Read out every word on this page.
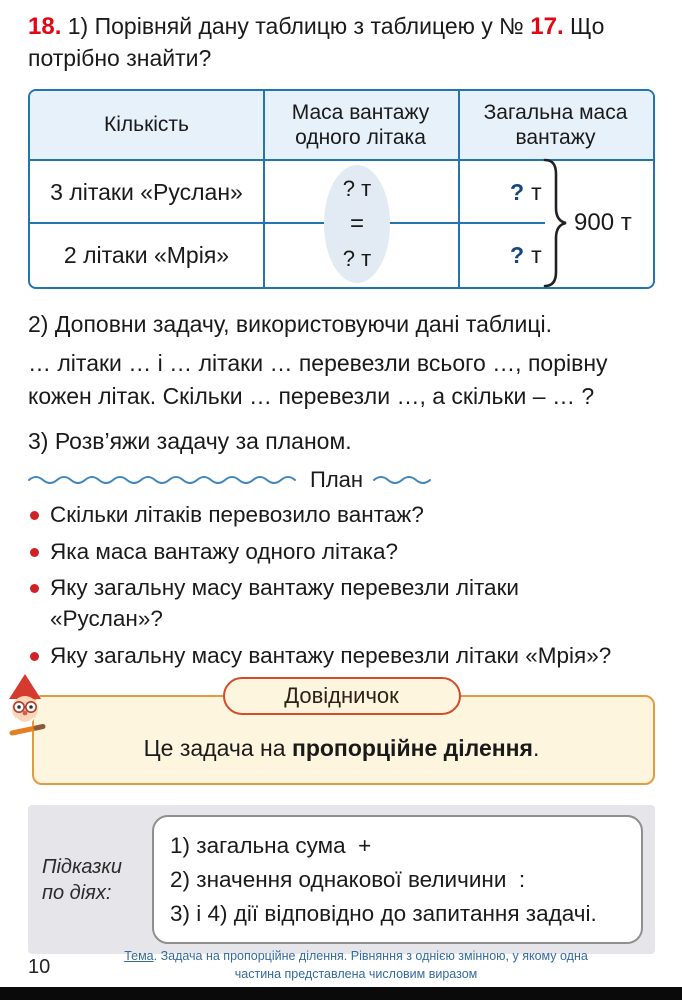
18. 1) Порівняй дану таблицю з таблицею у № 17. Що потрібно знайти?

Кількість
Маса вантажу одного літака
Загальна маса вантажу
3 літаки «Руслан»	? т
2 літаки «Мрія»	? т
? т
=
? т
900 т

2) Доповни задачу, використовуючи дані таблиці.

… літаки … і … літаки … перевезли всього …, порівну кожен літак. Скільки … перевезли …, а скільки – … ?

3) Розв’яжи задачу за планом.

План
Скільки літаків перевозило вантаж?
Яка маса вантажу одного літака?
Яку загальну масу вантажу перевезли літаки «Руслан»?
Яку загальну масу вантажу перевезли літаки «Мрія»?
Довідничок

Це задача на пропорційне ділення.

Підказки по діях:
1) загальна сума  +
2) значення однакової величини  :
3) і 4) дії відповідно до запитання задачі.
10
Тема. Задача на пропорційне ділення. Рівняння з однією змінною, у якому одна частина представлена числовим виразом
